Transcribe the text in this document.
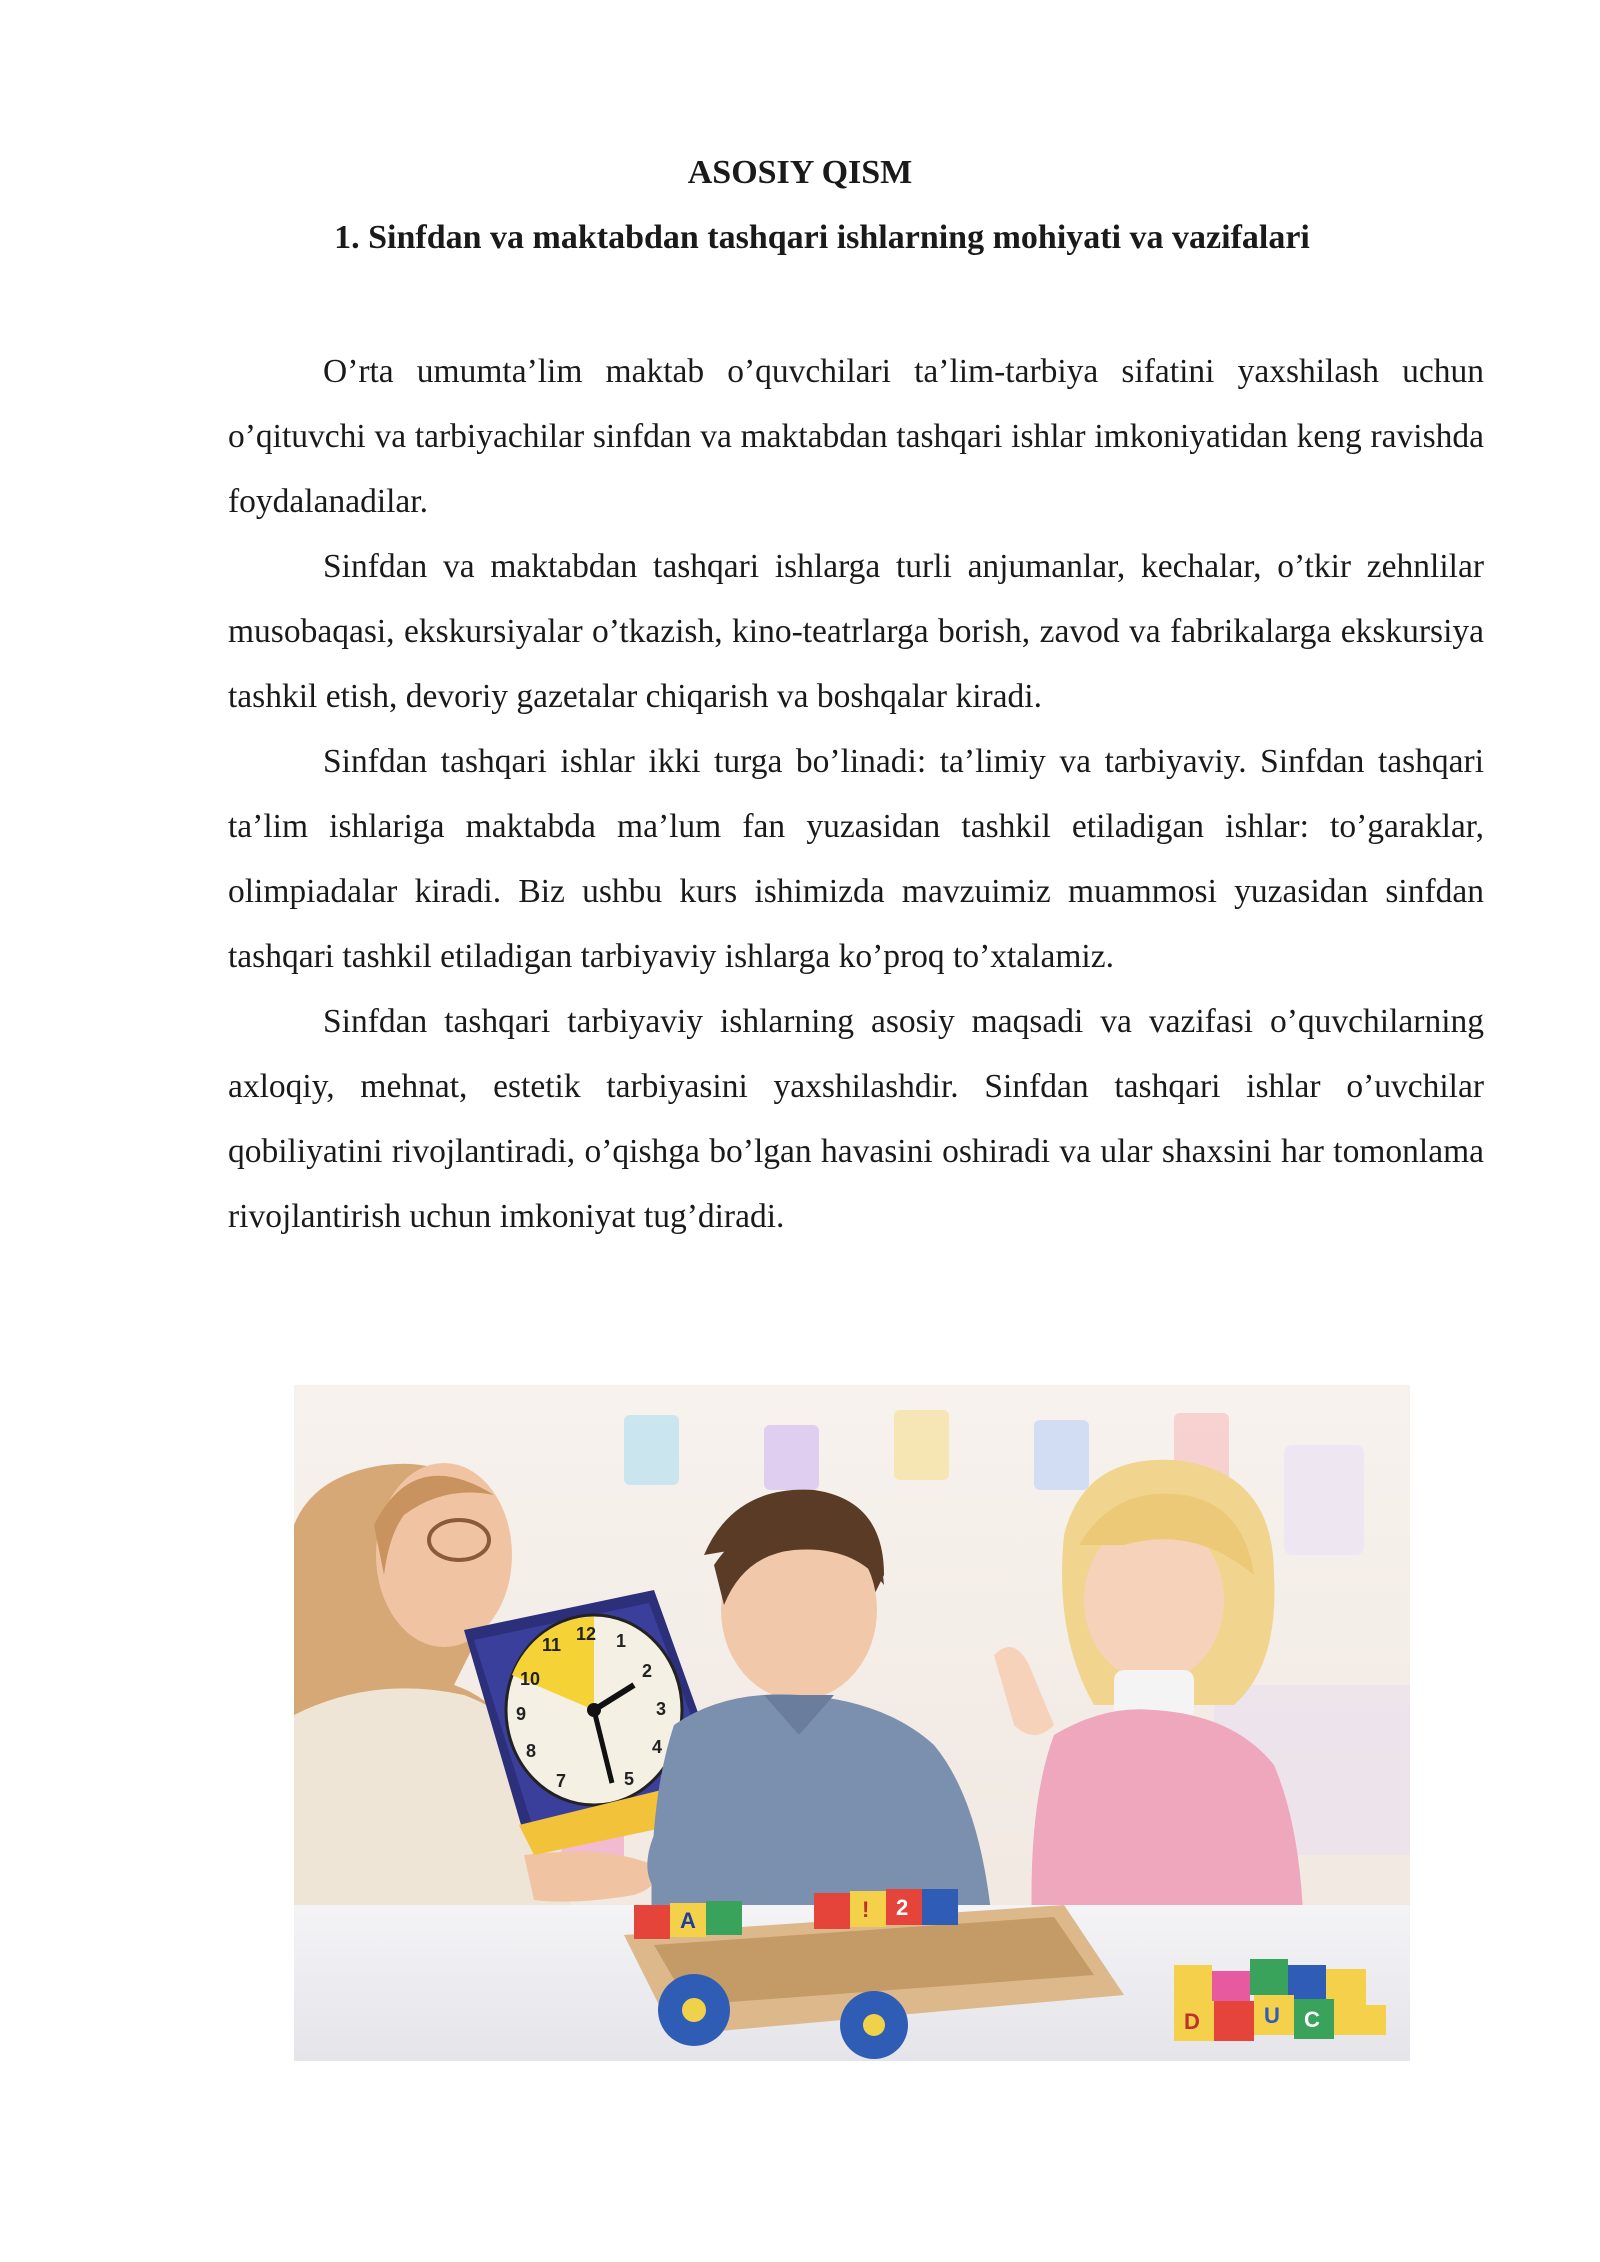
ASOSIY QISM
1. Sinfdan va maktabdan tashqari ishlarning mohiyati va vazifalari

O’rta umumta’lim maktab o’quvchilari ta’lim-tarbiya sifatini yaxshilash uchun o’qituvchi va tarbiyachilar sinfdan va maktabdan tashqari ishlar imkoniyatidan keng ravishda foydalanadilar.

Sinfdan va maktabdan tashqari ishlarga turli anjumanlar, kechalar, o’tkir zehnlilar musobaqasi, ekskursiyalar o’tkazish, kino-teatrlarga borish, zavod va fabrikalarga ekskursiya tashkil etish, devoriy gazetalar chiqarish va boshqalar kiradi.

Sinfdan tashqari ishlar ikki turga bo’linadi: ta’limiy va tarbiyaviy. Sinfdan tashqari ta’lim ishlariga maktabda ma’lum fan yuzasidan tashkil etiladigan ishlar: to’garaklar, olimpiadalar kiradi. Biz ushbu kurs ishimizda mavzuimiz muammosi yuzasidan sinfdan tashqari tashkil etiladigan tarbiyaviy ishlarga ko’proq to’xtalamiz.

Sinfdan tashqari tarbiyaviy ishlarning asosiy maqsadi va vazifasi o’quvchilarning axloqiy, mehnat, estetik tarbiyasini yaxshilashdir. Sinfdan tashqari ishlar o’uvchilar qobiliyatini rivojlantiradi, o’qishga bo’lgan havasini oshiradi va ular shaxsini har tomonlama rivojlantirish uchun imkoniyat tug’diradi.

11
12 1
10	2
9	3
8	4
7	5
A	! 2
D	U C
